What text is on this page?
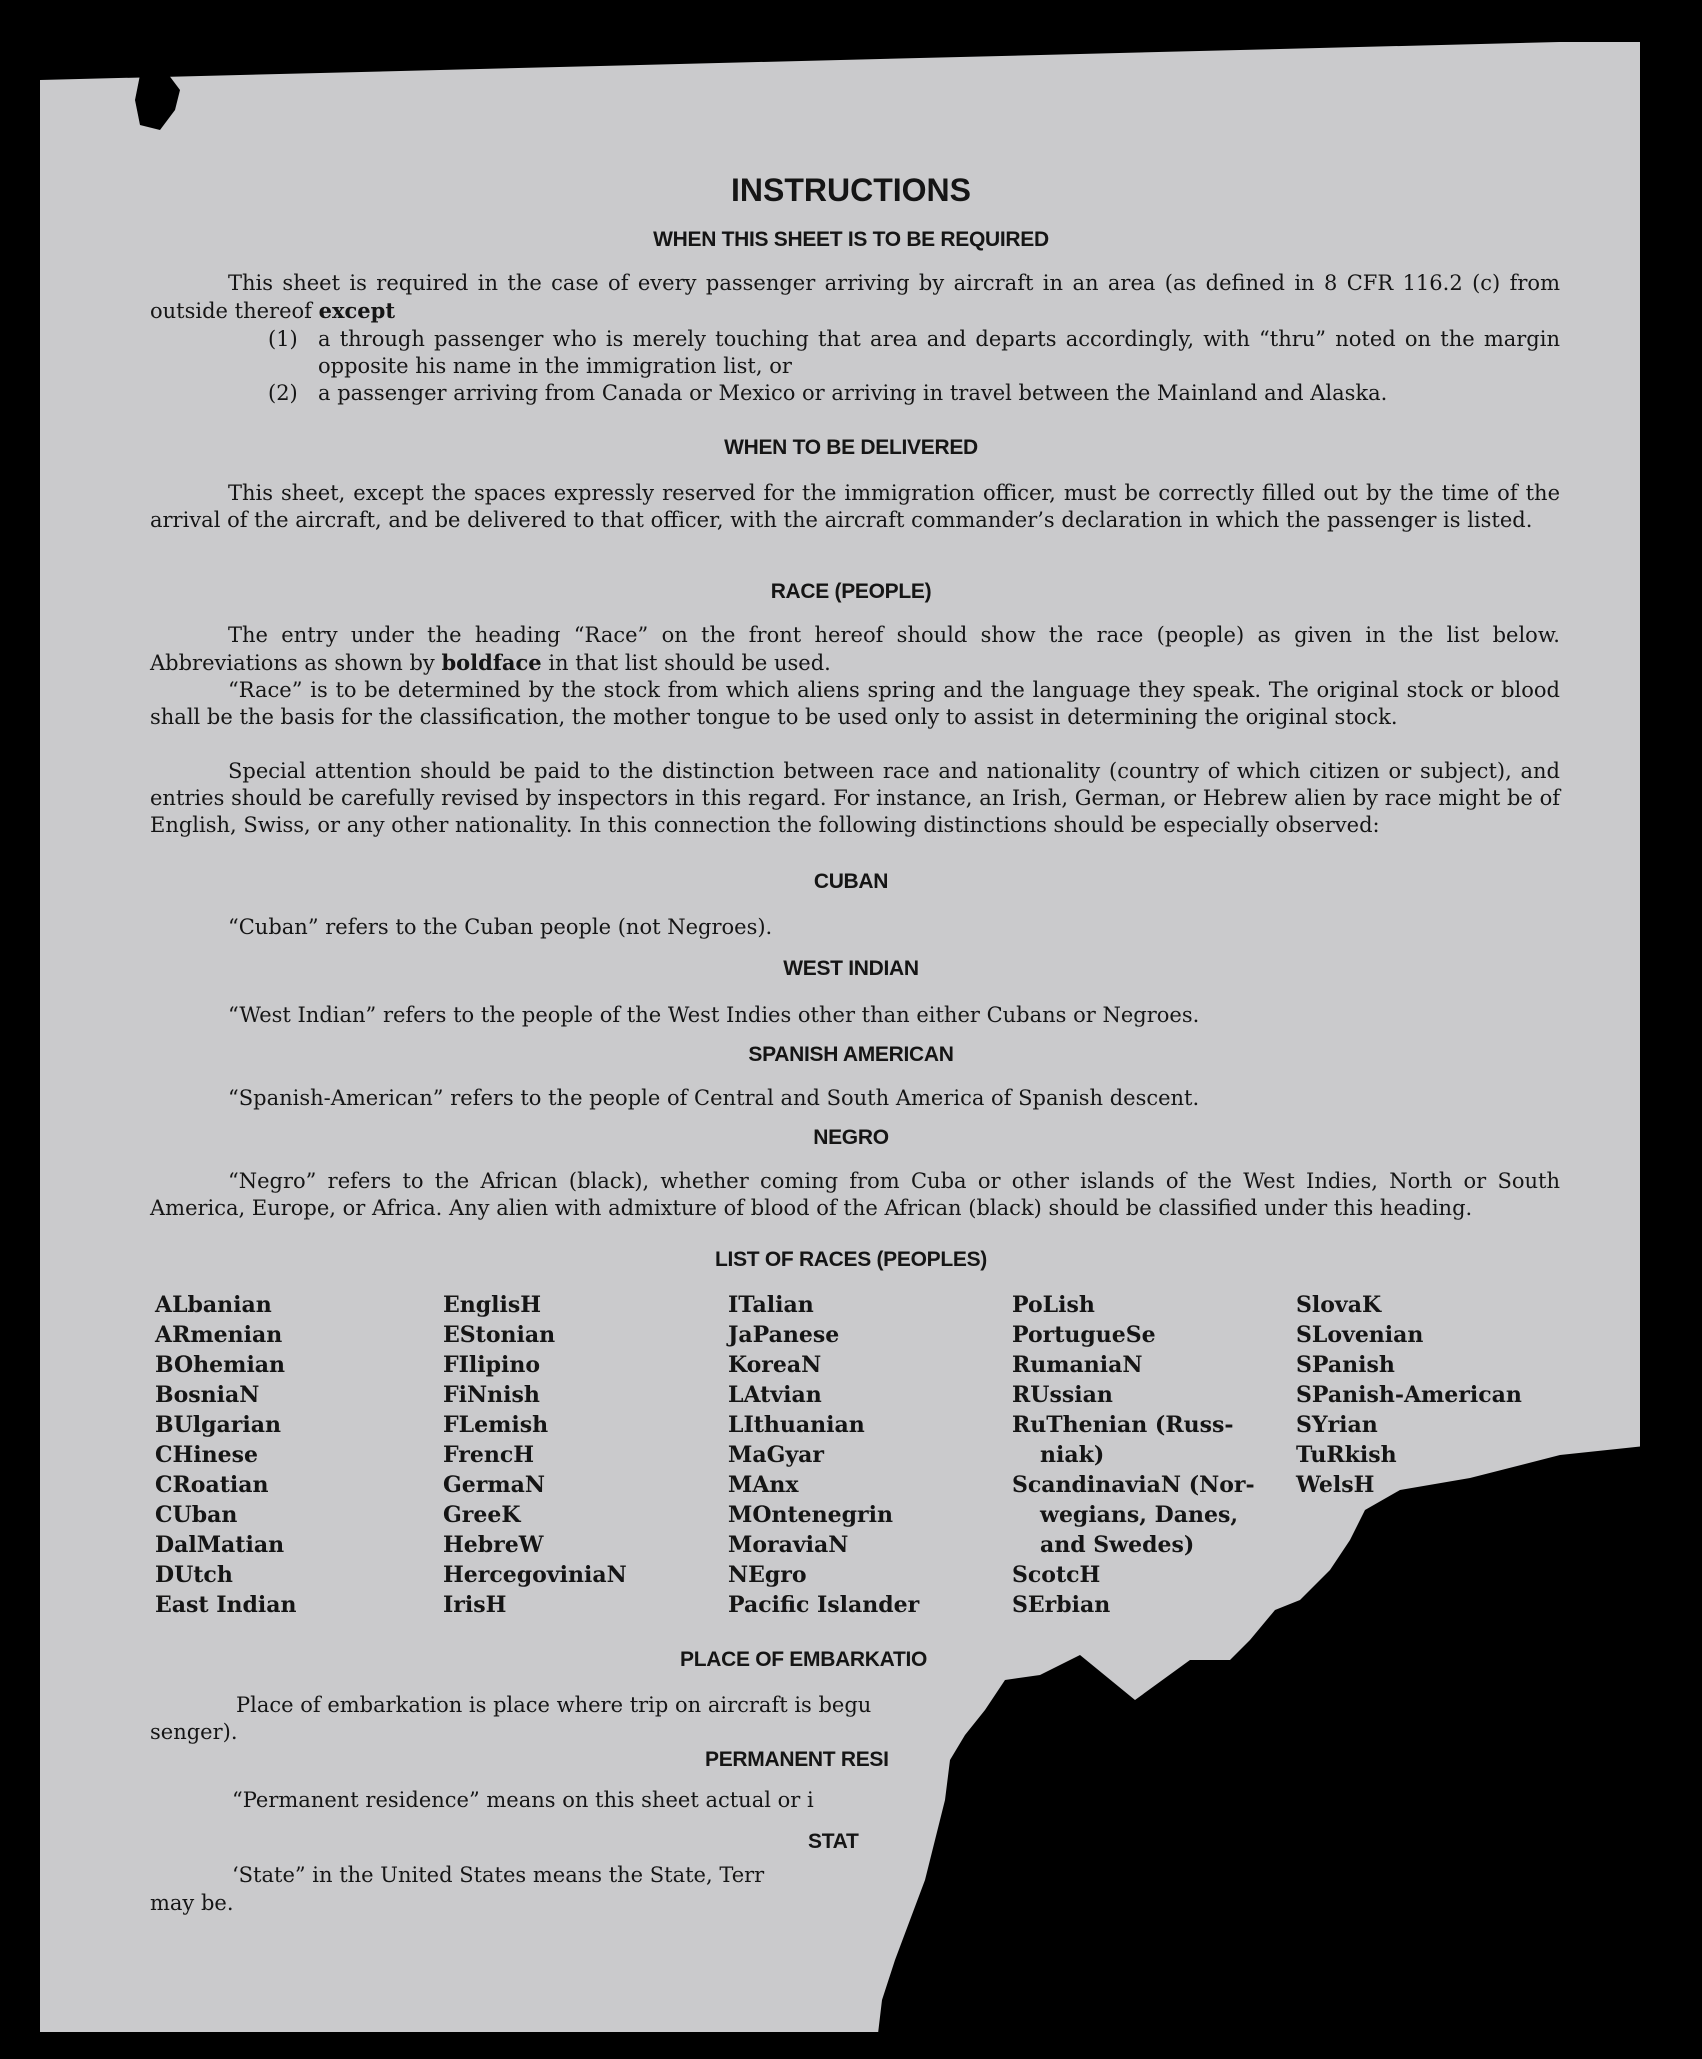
INSTRUCTIONS
WHEN THIS SHEET IS TO BE REQUIRED
This sheet is required in the case of every passenger arriving by aircraft in an area (as defined in 8 CFR 116.2 (c) from outside thereof except
(1) a through passenger who is merely touching that area and departs accordingly, with “thru” noted on the margin opposite his name in the immigration list, or
(2) a passenger arriving from Canada or Mexico or arriving in travel between the Mainland and Alaska.
WHEN TO BE DELIVERED
This sheet, except the spaces expressly reserved for the immigration officer, must be correctly filled out by the time of the arrival of the aircraft, and be delivered to that officer, with the aircraft commander’s declaration in which the passenger is listed.
RACE (PEOPLE)
The entry under the heading “Race” on the front hereof should show the race (people) as given in the list below. Abbreviations as shown by boldface in that list should be used.
“Race” is to be determined by the stock from which aliens spring and the language they speak. The original stock or blood shall be the basis for the classification, the mother tongue to be used only to assist in determining the original stock.
Special attention should be paid to the distinction between race and nationality (country of which citizen or subject), and entries should be carefully revised by inspectors in this regard. For instance, an Irish, German, or Hebrew alien by race might be of English, Swiss, or any other nationality. In this connection the following distinctions should be especially observed:
CUBAN
“Cuban” refers to the Cuban people (not Negroes).
WEST INDIAN
“West Indian” refers to the people of the West Indies other than either Cubans or Negroes.
SPANISH AMERICAN
“Spanish-American” refers to the people of Central and South America of Spanish descent.
NEGRO
“Negro” refers to the African (black), whether coming from Cuba or other islands of the West Indies, North or South America, Europe, or Africa. Any alien with admixture of blood of the African (black) should be classified under this heading.
LIST OF RACES (PEOPLES)
ALbanian
ARmenian
BOhemian
BosniaN
BUlgarian
CHinese
CRoatian
CUban
DalMatian
DUtch
East Indian
EnglisH
EStonian
FIlipino
FiNnish
FLemish
FrencH
GermaN
GreeK
HebreW
HercegoviniaN
IrisH
ITalian
JaPanese
KoreaN
LAtvian
LIthuanian
MaGyar
MAnx
MOntenegrin
MoraviaN
NEgro
Pacific Islander
PoLish
PortugueSe
RumaniaN
RUssian
RuThenian (Russ-
niak)
ScandinaviaN (Nor-
wegians, Danes,
and Swedes)
ScotcH
SErbian
SlovaK
SLovenian
SPanish
SPanish-American
SYrian
TuRkish
WelsH
PLACE OF EMBARKATIO
Place of embarkation is place where trip on aircraft is begu
senger).
PERMANENT RESI
“Permanent residence” means on this sheet actual or i
STAT
‘State” in the United States means the State, Terr
may be.
